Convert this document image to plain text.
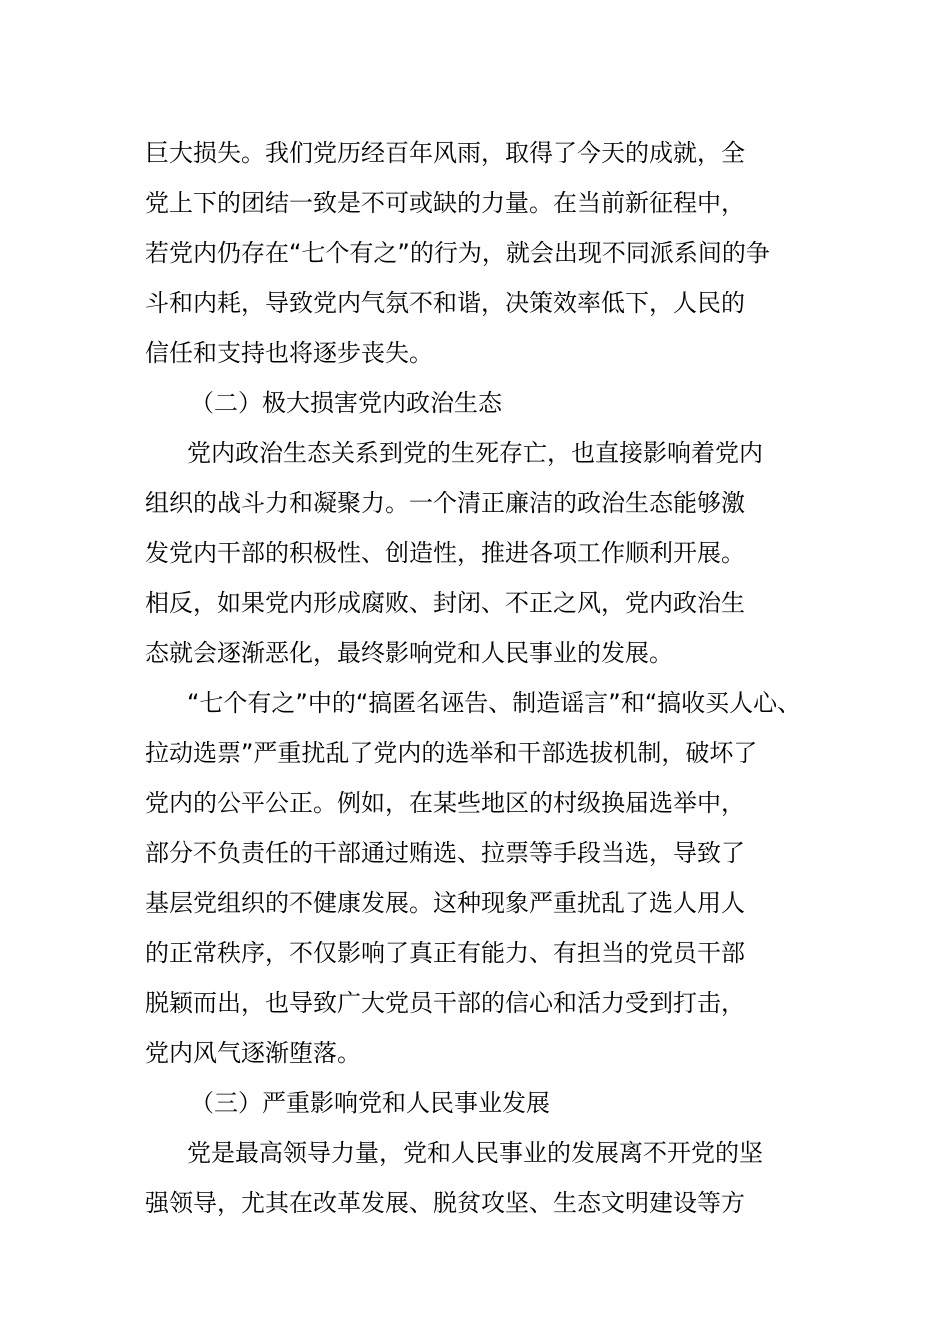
巨大损失。我们党历经百年风雨，取得了今天的成就，全
党上下的团结一致是不可或缺的力量。在当前新征程中，
若党内仍存在“七个有之”的行为，就会出现不同派系间的争
斗和内耗，导致党内气氛不和谐，决策效率低下，人民的
信任和支持也将逐步丧失。
（二）极大损害党内政治生态
党内政治生态关系到党的生死存亡，也直接影响着党内
组织的战斗力和凝聚力。一个清正廉洁的政治生态能够激
发党内干部的积极性、创造性，推进各项工作顺利开展。
相反，如果党内形成腐败、封闭、不正之风，党内政治生
态就会逐渐恶化，最终影响党和人民事业的发展。
“七个有之”中的“搞匿名诬告、制造谣言”和“搞收买人心、
拉动选票”严重扰乱了党内的选举和干部选拔机制，破坏了
党内的公平公正。例如，在某些地区的村级换届选举中，
部分不负责任的干部通过贿选、拉票等手段当选，导致了
基层党组织的不健康发展。这种现象严重扰乱了选人用人
的正常秩序，不仅影响了真正有能力、有担当的党员干部
脱颖而出，也导致广大党员干部的信心和活力受到打击，
党内风气逐渐堕落。
（三）严重影响党和人民事业发展
党是最高领导力量，党和人民事业的发展离不开党的坚
强领导，尤其在改革发展、脱贫攻坚、生态文明建设等方
